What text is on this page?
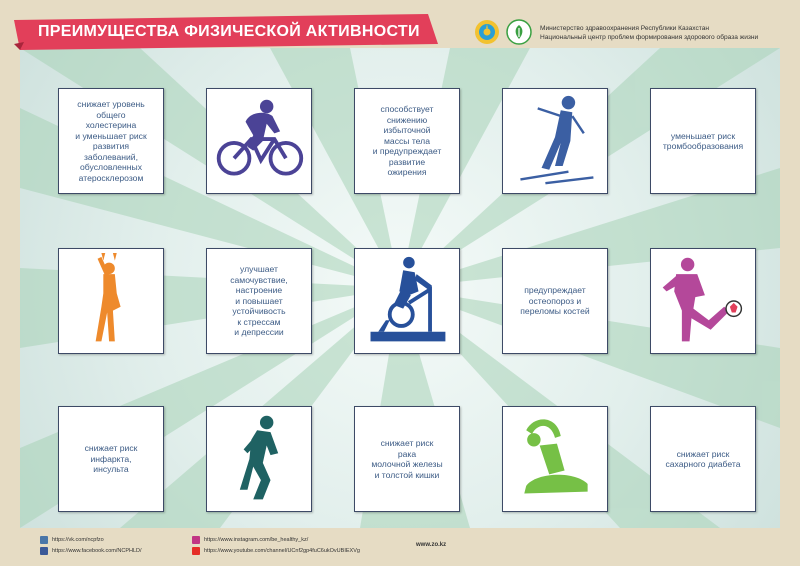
ПРЕИМУЩЕСТВА ФИЗИЧЕСКОЙ АКТИВНОСТИ	Министерство здравоохранения Республики Казахстан
Национальный центр проблем формирования здорового образа жизни
снижает уровень
общего
холестерина
и уменьшает риск
развития
заболеваний,
обусловленных
атеросклерозом
способствует
снижению
избыточной
массы тела
и предупреждает
развитие
ожирения
уменьшает риск
тромбообразования
улучшает
самочувствие,
настроение
и повышает
устойчивость
к стрессам
и депрессии
предупреждает
остеопороз и
переломы костей
снижает риск
инфаркта,
инсульта
снижает риск
рака
молочной железы
и толстой кишки
снижает риск
сахарного диабета
https://vk.com/ncpfzo
https://www.facebook.com/NCPHLD/
https://www.instagram.com/be_healthy_kz/
https://www.youtube.com/channel/UCnf2gp4fuC6ukOvUBIEXVg
www.zo.kz
